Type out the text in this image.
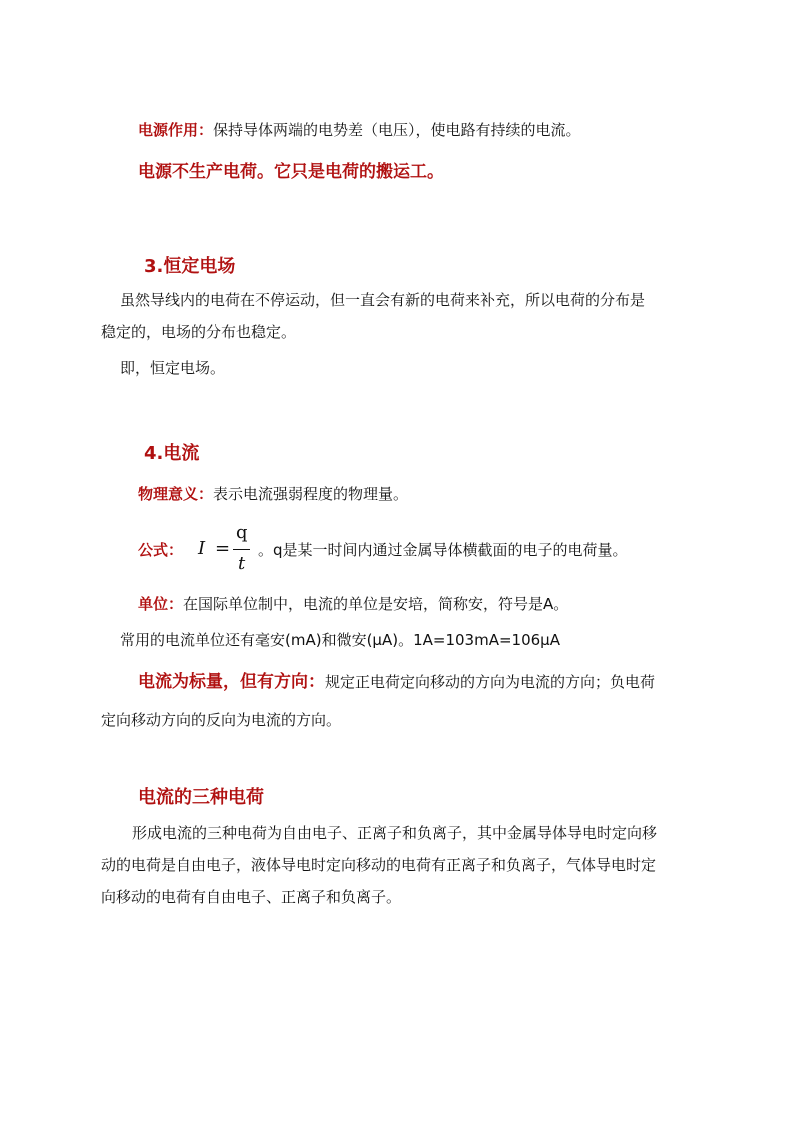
电源作用：保持导体两端的电势差（电压），使电路有持续的电流。
电源不生产电荷。它只是电荷的搬运工。
3.恒定电场
虽然导线内的电荷在不停运动，但一直会有新的电荷来补充，所以电荷的分布是
稳定的，电场的分布也稳定。
即，恒定电场。
4.电流
物理意义：表示电流强弱程度的物理量。
公式： I =
q
t
。q是某一时间内通过金属导体横截面的电子的电荷量。
单位：在国际单位制中，电流的单位是安培，简称安，符号是A。
常用的电流单位还有毫安(mA)和微安(μA)。1A=103mA=106μA
电流为标量，但有方向：规定正电荷定向移动的方向为电流的方向；负电荷
定向移动方向的反向为电流的方向。
电流的三种电荷
形成电流的三种电荷为自由电子、正离子和负离子，其中金属导体导电时定向移
动的电荷是自由电子，液体导电时定向移动的电荷有正离子和负离子，气体导电时定
向移动的电荷有自由电子、正离子和负离子。
